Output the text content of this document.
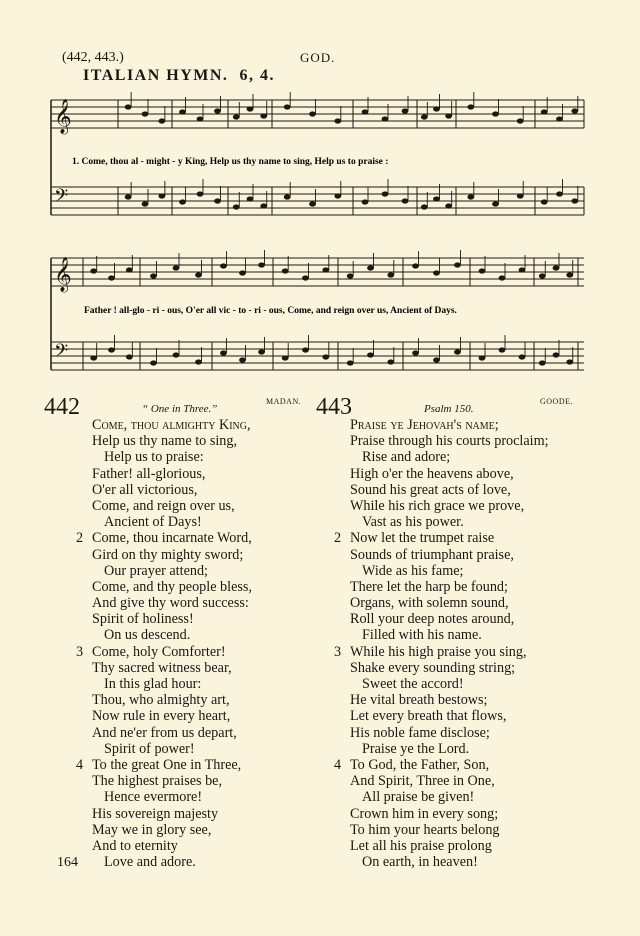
(442, 443.)	GOD.
ITALIAN HYMN. 6, 4.
𝄞
𝄢
𝄞
𝄢
1. Come, thou al - might - y King, Help us thy name to sing, Help us to praise :
Father ! all-glo - ri - ous, O'er all vic - to - ri - ous, Come, and reign over us, Ancient of Days.
442	“ One in Three.”
MADAN.
Come, thou almighty King,
Help us thy name to sing,
Help us to praise:
Father! all-glorious,
O'er all victorious,
Come, and reign over us,
Ancient of Days!
2 Come, thou incarnate Word,
Gird on thy mighty sword;
Our prayer attend;
Come, and thy people bless,
And give thy word success:
Spirit of holiness!
On us descend.
3 Come, holy Comforter!
Thy sacred witness bear,
In this glad hour:
Thou, who almighty art,
Now rule in every heart,
And ne'er from us depart,
Spirit of power!
4 To the great One in Three,
The highest praises be,
Hence evermore!
His sovereign majesty
May we in glory see,
And to eternity
Love and adore.
443	Psalm 150.
GOODE.
Praise ye Jehovah's name;
Praise through his courts proclaim;
Rise and adore;
High o'er the heavens above,
Sound his great acts of love,
While his rich grace we prove,
Vast as his power.
2 Now let the trumpet raise
Sounds of triumphant praise,
Wide as his fame;
There let the harp be found;
Organs, with solemn sound,
Roll your deep notes around,
Filled with his name.
3 While his high praise you sing,
Shake every sounding string;
Sweet the accord!
He vital breath bestows;
Let every breath that flows,
His noble fame disclose;
Praise ye the Lord.
4 To God, the Father, Son,
And Spirit, Three in One,
All praise be given!
Crown him in every song;
To him your hearts belong
Let all his praise prolong
On earth, in heaven!
164
